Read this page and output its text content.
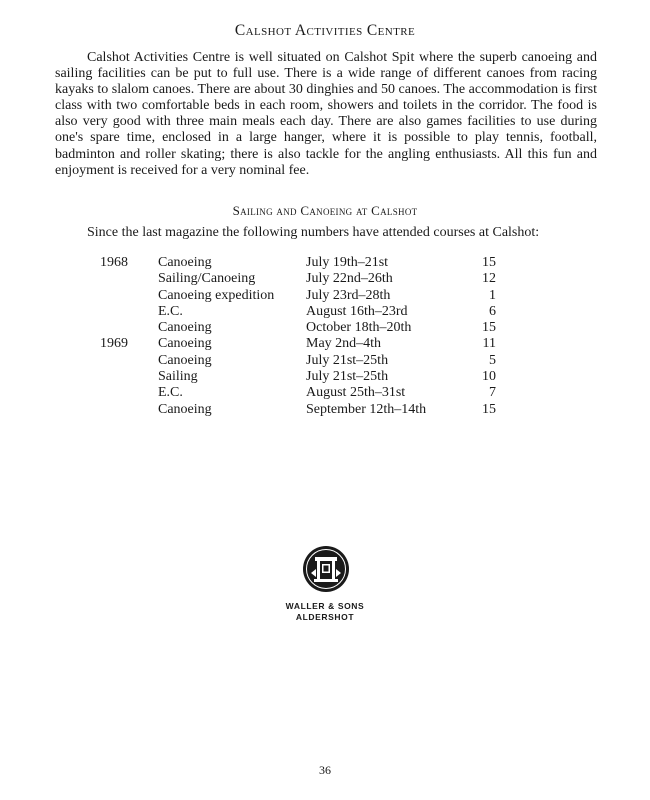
Calshot Activities Centre

Calshot Activities Centre is well situated on Calshot Spit where the superb canoeing and sailing facilities can be put to full use. There is a wide range of different canoes from racing kayaks to slalom canoes. There are about 30 dinghies and 50 canoes. The accommodation is first class with two comfortable beds in each room, showers and toilets in the corridor. The food is also very good with three main meals each day. There are also games facilities to use during one's spare time, enclosed in a large hanger, where it is possible to play tennis, football, badminton and roller skating; there is also tackle for the angling enthusiasts. All this fun and enjoyment is received for a very nominal fee.

Sailing and Canoeing at Calshot

Since the last magazine the following numbers have attended courses at Calshot:

1968	Canoeing	July 19th–21st	15
	Sailing/Canoeing	July 22nd–26th	12
	Canoeing expedition	July 23rd–28th	1
	E.C.	August 16th–23rd	6
	Canoeing	October 18th–20th	15
1969	Canoeing	May 2nd–4th	11
	Canoeing	July 21st–25th	5
	Sailing	July 21st–25th	10
	E.C.	August 25th–31st	7
	Canoeing	September 12th–14th	15
WALLER & SONS
ALDERSHOT
36
